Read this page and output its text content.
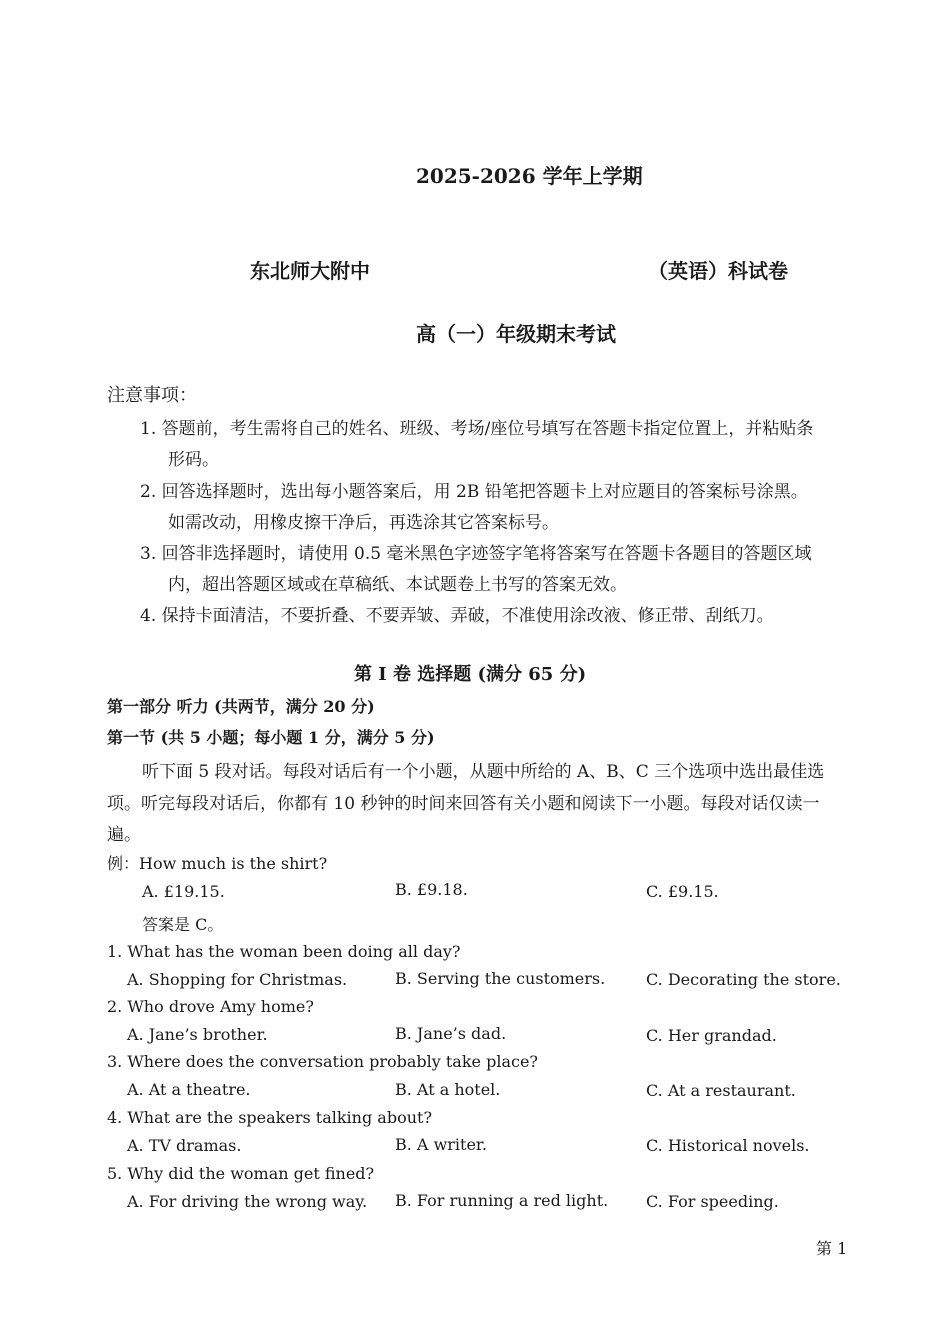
2025-2026 学年上学期
东北师大附中	（英语）科试卷
高（一）年级期末考试
注意事项：
1. 答题前，考生需将自己的姓名、班级、考场/座位号填写在答题卡指定位置上，并粘贴条
形码。
2. 回答选择题时，选出每小题答案后，用 2B 铅笔把答题卡上对应题目的答案标号涂黑。
如需改动，用橡皮擦干净后，再选涂其它答案标号。
3. 回答非选择题时，请使用 0.5 毫米黑色字迹签字笔将答案写在答题卡各题目的答题区域
内，超出答题区域或在草稿纸、本试题卷上书写的答案无效。
4. 保持卡面清洁，不要折叠、不要弄皱、弄破，不准使用涂改液、修正带、刮纸刀。
第 I 卷 选择题 (满分 65 分)
第一部分 听力 (共两节，满分 20 分)
第一节 (共 5 小题；每小题 1 分，满分 5 分)
听下面 5 段对话。每段对话后有一个小题，从题中所给的 A、B、C 三个选项中选出最佳选
项。听完每段对话后，你都有 10 秒钟的时间来回答有关小题和阅读下一小题。每段对话仅读一
遍。
例：How much is the shirt?
A. £19.15.	B. £9.18.	C. £9.15.
答案是 C。
1. What has the woman been doing all day?
A. Shopping for Christmas.	B. Serving the customers.	C. Decorating the store.
2. Who drove Amy home?
A. Jane’s brother.	B. Jane’s dad.	C. Her grandad.
3. Where does the conversation probably take place?
A. At a theatre.	B. At a hotel.	C. At a restaurant.
4. What are the speakers talking about?
A. TV dramas.	B. A writer.	C. Historical novels.
5. Why did the woman get fined?
A. For driving the wrong way. B. For running a red light. C. For speeding.
第 1
